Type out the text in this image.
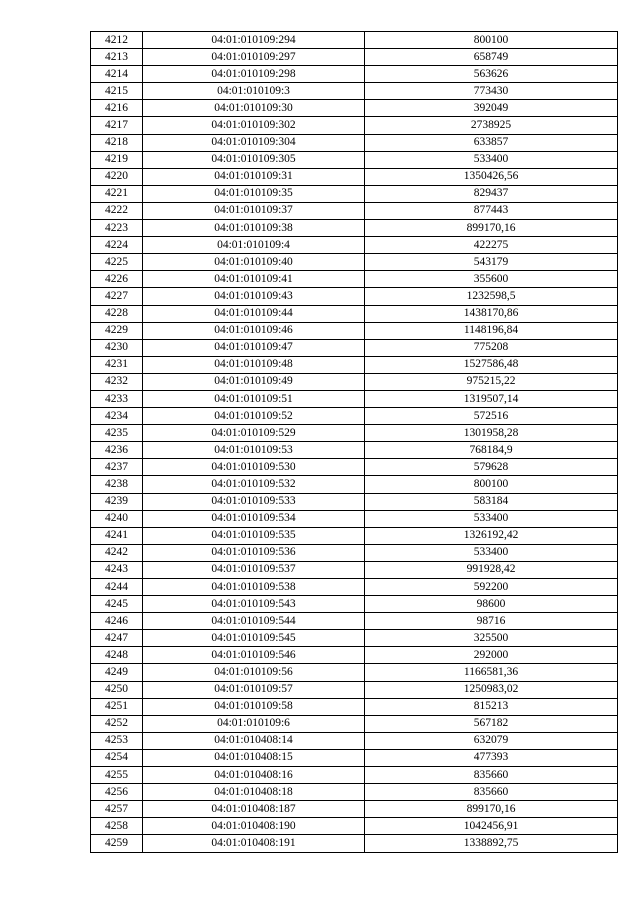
4212	04:01:010109:294	800100
4213	04:01:010109:297	658749
4214	04:01:010109:298	563626
4215	04:01:010109:3	773430
4216	04:01:010109:30	392049
4217	04:01:010109:302	2738925
4218	04:01:010109:304	633857
4219	04:01:010109:305	533400
4220	04:01:010109:31	1350426,56
4221	04:01:010109:35	829437
4222	04:01:010109:37	877443
4223	04:01:010109:38	899170,16
4224	04:01:010109:4	422275
4225	04:01:010109:40	543179
4226	04:01:010109:41	355600
4227	04:01:010109:43	1232598,5
4228	04:01:010109:44	1438170,86
4229	04:01:010109:46	1148196,84
4230	04:01:010109:47	775208
4231	04:01:010109:48	1527586,48
4232	04:01:010109:49	975215,22
4233	04:01:010109:51	1319507,14
4234	04:01:010109:52	572516
4235	04:01:010109:529	1301958,28
4236	04:01:010109:53	768184,9
4237	04:01:010109:530	579628
4238	04:01:010109:532	800100
4239	04:01:010109:533	583184
4240	04:01:010109:534	533400
4241	04:01:010109:535	1326192,42
4242	04:01:010109:536	533400
4243	04:01:010109:537	991928,42
4244	04:01:010109:538	592200
4245	04:01:010109:543	98600
4246	04:01:010109:544	98716
4247	04:01:010109:545	325500
4248	04:01:010109:546	292000
4249	04:01:010109:56	1166581,36
4250	04:01:010109:57	1250983,02
4251	04:01:010109:58	815213
4252	04:01:010109:6	567182
4253	04:01:010408:14	632079
4254	04:01:010408:15	477393
4255	04:01:010408:16	835660
4256	04:01:010408:18	835660
4257	04:01:010408:187	899170,16
4258	04:01:010408:190	1042456,91
4259	04:01:010408:191	1338892,75
